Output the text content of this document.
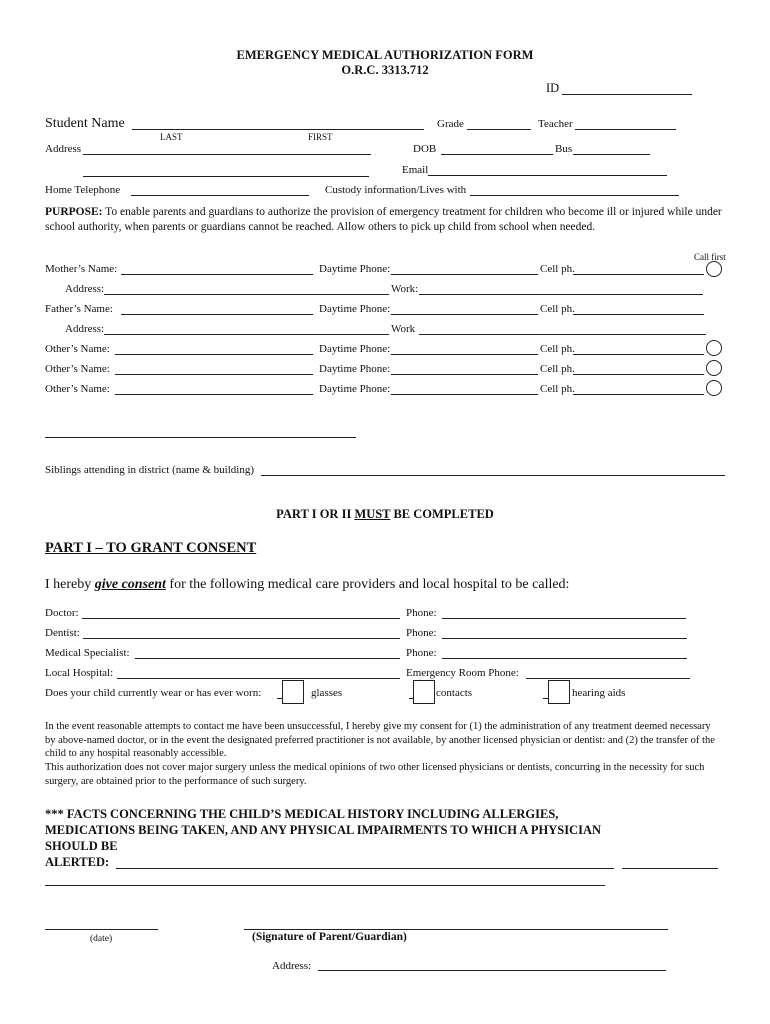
EMERGENCY MEDICAL AUTHORIZATION FORM
O.R.C. 3313.712
ID
Student Name
LAST	FIRST
Grade	Teacher
Address	DOB	Bus
Email
Home Telephone	Custody information/Lives with
PURPOSE: To enable parents and guardians to authorize the provision of emergency treatment for children who become ill or injured while under school authority, when parents or guardians cannot be reached. Allow others to pick up child from school when needed.
Call first
Mother’s Name:	Daytime Phone:	Cell ph.
Address:	Work:
Father’s Name:	Daytime Phone:	Cell ph.
Address:	Work
Other’s Name:	Daytime Phone:	Cell ph.
Other’s Name:	Daytime Phone:	Cell ph.
Other’s Name:	Daytime Phone:	Cell ph.
Siblings attending in district (name & building)
PART I OR II MUST BE COMPLETED
PART I – TO GRANT CONSENT
I hereby give consent for the following medical care providers and local hospital to be called:
Doctor:	Phone:
Dentist:	Phone:
Medical Specialist:	Phone:
Local Hospital:	Emergency Room Phone:
Does your child currently wear or has ever worn:	glasses	contacts	hearing aids
In the event reasonable attempts to contact me have been unsuccessful, I hereby give my consent for (1) the administration of any treatment deemed necessary by above-named doctor, or in the event the designated preferred practitioner is not available, by another licensed physician or dentist: and (2) the transfer of the child to any hospital reasonably accessible.
This authorization does not cover major surgery unless the medical opinions of two other licensed physicians or dentists, concurring in the necessity for such surgery, are obtained prior to the performance of such surgery.
*** FACTS CONCERNING THE CHILD’S MEDICAL HISTORY INCLUDING ALLERGIES,
MEDICATIONS BEING TAKEN, AND ANY PHYSICAL IMPAIRMENTS TO WHICH A PHYSICIAN
SHOULD BE
ALERTED:
(date)	(Signature of Parent/Guardian)
Address:
